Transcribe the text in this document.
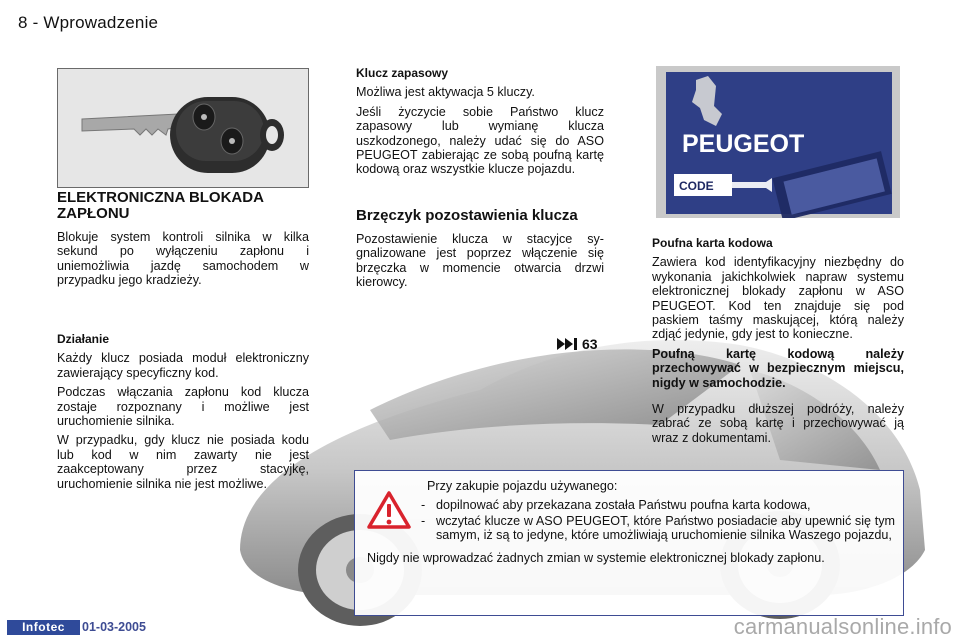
8 - Wprowadzenie
ELEKTRONICZNA BLOKADA ZAPŁONU

Blokuje system kontroli silnika w kilka sekund po wyłączeniu zapłonu i uniemożliwia jazdę samochodem w przypadku jego kradzieży.

Działanie

Każdy klucz posiada moduł elektroniczny zawierający specyficzny kod.

Podczas włączania zapłonu kod klucza zostaje rozpoznany i możliwe jest uruchomienie silnika.

W przypadku, gdy klucz nie posiada kodu lub kod w nim zawarty nie jest zaakceptowany przez stacyjkę, uruchomienie silnika nie jest możliwe.

Klucz zapasowy

Możliwa jest aktywacja 5 kluczy.

Jeśli życzycie sobie Państwo klucz zapasowy lub wymianę klucza uszkodzonego, należy udać się do ASO PEUGEOT zabierając ze sobą poufną kartę kodową oraz wszystkie klucze pojazdu.

Brzęczyk pozostawienia klucza

Pozostawienie klucza w stacyjce sygnalizowane jest poprzez włączenie się brzęczka w momencie otwarcia drzwi kierowcy.

63
PEUGEOT
CODE
Poufna karta kodowa

Zawiera kod identyfikacyjny niezbędny do wykonania jakichkolwiek napraw systemu elektronicznej blokady zapłonu w ASO PEUGEOT. Kod ten znajduje się pod paskiem taśmy maskującej, którą należy zdjąć jedynie, gdy jest to konieczne.

Poufną kartę kodową należy przechowywać w bezpiecznym miejscu, nigdy w samochodzie.

W przypadku dłuższej podróży, należy zabrać ze sobą kartę i przechowywać ją wraz z dokumentami.

Przy zakupie pojazdu używanego:
- dopilnować aby przekazana została Państwu poufna karta kodowa,
- wczytać klucze w ASO PEUGEOT, które Państwo posiadacie aby upewnić się tym samym, iż są to jedyne, które umożliwiają uruchomienie silnika Waszego pojazdu,
Nigdy nie wprowadzać żadnych zmian w systemie elektronicznej blokady zapłonu.
Infotec	01-03-2005	carmanualsonline.info
